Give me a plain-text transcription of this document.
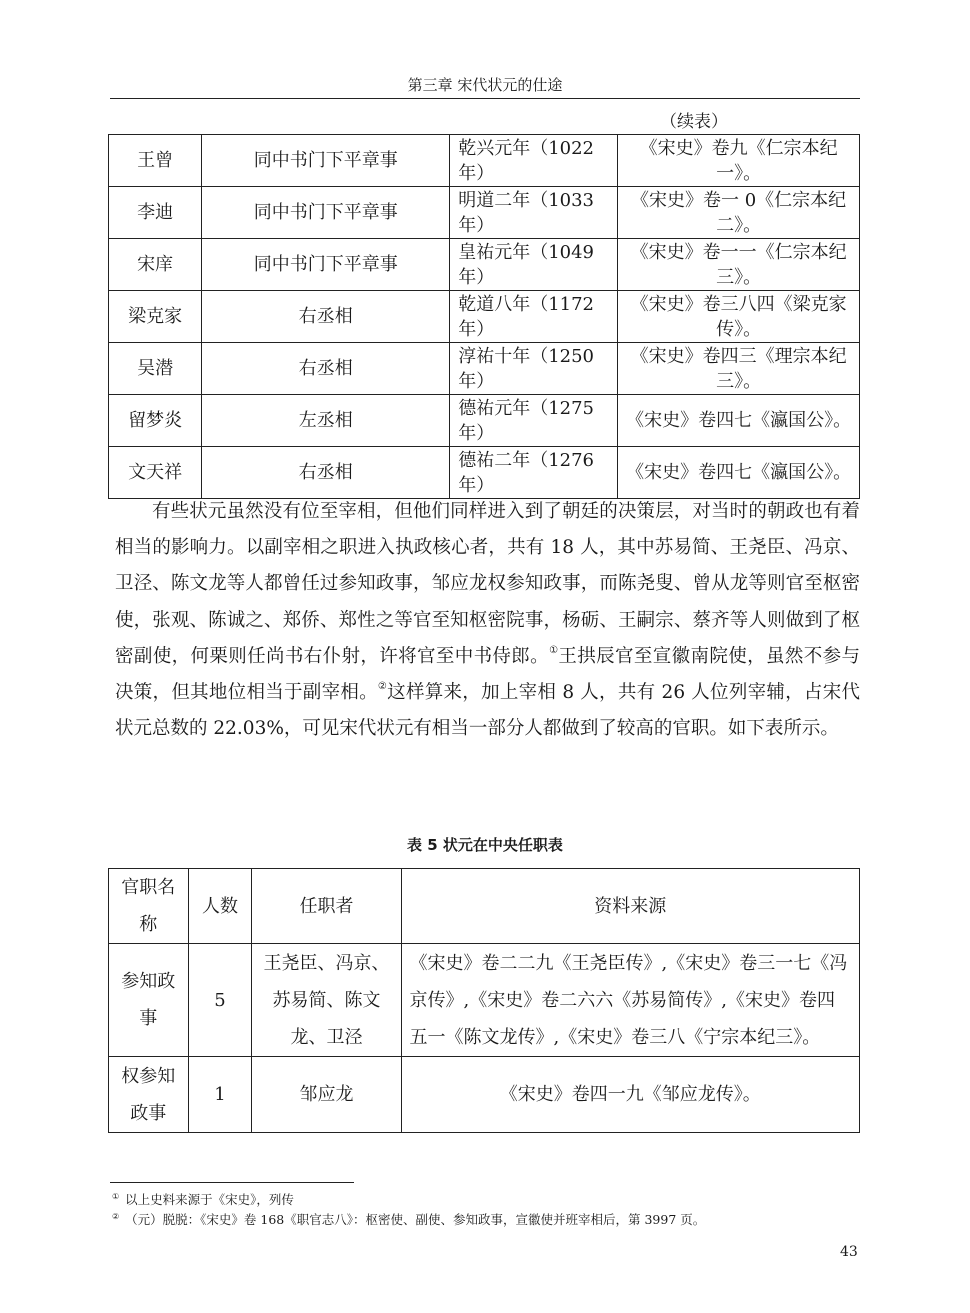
第三章 宋代状元的仕途
（续表）
王曾	同中书门下平章事	乾兴元年（1022年）	《宋史》卷九《仁宗本纪一》。
李迪	同中书门下平章事	明道二年（1033年）	《宋史》卷一 0《仁宗本纪二》。
宋庠	同中书门下平章事	皇祐元年（1049年）	《宋史》卷一一《仁宗本纪三》。
梁克家	右丞相	乾道八年（1172年）	《宋史》卷三八四《梁克家传》。
吴潜	右丞相	淳祐十年（1250年）	《宋史》卷四三《理宗本纪三》。
留梦炎	左丞相	德祐元年（1275年）	《宋史》卷四七《瀛国公》。
文天祥	右丞相	德祐二年（1276年）	《宋史》卷四七《瀛国公》。

有些状元虽然没有位至宰相，但他们同样进入到了朝廷的决策层，对当时的朝政也有着相当的影响力。以副宰相之职进入执政核心者，共有 18 人，其中苏易简、王尧臣、冯京、卫泾、陈文龙等人都曾任过参知政事，邹应龙权参知政事，而陈尧叟、曾从龙等则官至枢密使，张观、陈诚之、郑侨、郑性之等官至知枢密院事，杨砺、王嗣宗、蔡齐等人则做到了枢密副使，何栗则任尚书右仆射，许将官至中书侍郎。①王拱辰官至宣徽南院使，虽然不参与决策，但其地位相当于副宰相。②这样算来，加上宰相 8 人，共有 26 人位列宰辅，占宋代状元总数的 22.03%，可见宋代状元有相当一部分人都做到了较高的官职。如下表所示。

表 5 状元在中央任职表
官职名称	人数	任职者	资料来源
参知政事	5	王尧臣、冯京、苏易简、陈文龙、卫泾	《宋史》卷二二九《王尧臣传》,《宋史》卷三一七《冯京传》,《宋史》卷二六六《苏易简传》,《宋史》卷四五一《陈文龙传》,《宋史》卷三八《宁宗本纪三》。
权参知政事	1	邹应龙	《宋史》卷四一九《邹应龙传》。
① 以上史料来源于《宋史》，列传
② （元）脱脱：《宋史》卷 168《职官志八》：枢密使、副使、参知政事，宣徽使并班宰相后，第 3997 页。
43
